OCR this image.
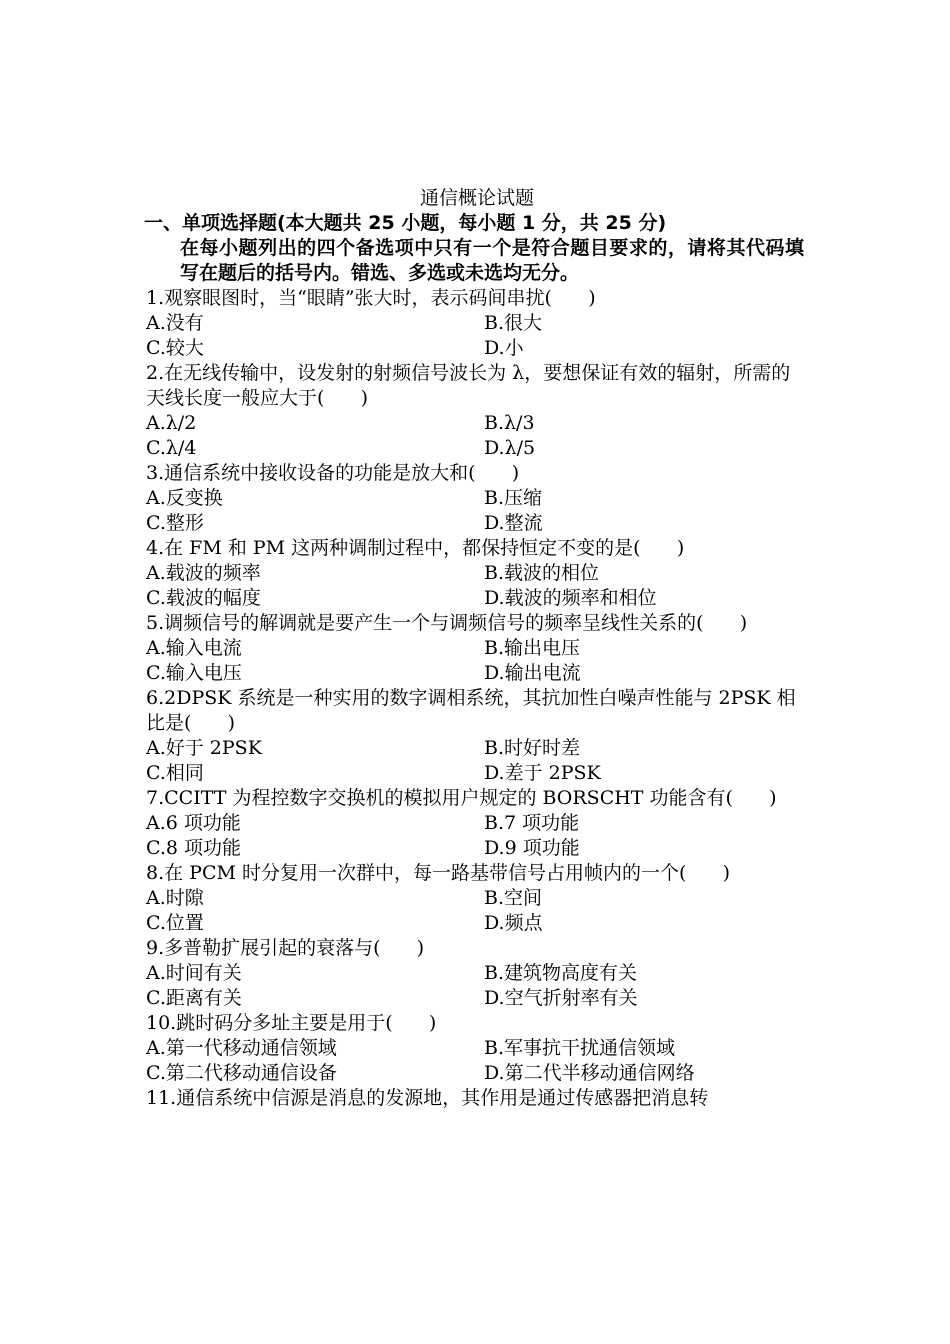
通信概论试题
一、单项选择题(本大题共 25 小题，每小题 1 分，共 25 分)
在每小题列出的四个备选项中只有一个是符合题目要求的，请将其代码填写在题后的括号内。错选、多选或未选均无分。
1.观察眼图时，当“眼睛”张大时，表示码间串扰(      )
A.没有	B.很大
C.较大	D.小
2.在无线传输中，设发射的射频信号波长为 λ，要想保证有效的辐射，所需的天线长度一般应大于(      )
A.λ/2	B.λ/3
C.λ/4	D.λ/5
3.通信系统中接收设备的功能是放大和(      )
A.反变换	B.压缩
C.整形	D.整流
4.在 FM 和 PM 这两种调制过程中，都保持恒定不变的是(      )
A.载波的频率	B.载波的相位
C.载波的幅度	D.载波的频率和相位
5.调频信号的解调就是要产生一个与调频信号的频率呈线性关系的(      )
A.输入电流	B.输出电压
C.输入电压	D.输出电流
6.2DPSK 系统是一种实用的数字调相系统，其抗加性白噪声性能与 2PSK 相比是(      )
A.好于 2PSK	B.时好时差
C.相同	D.差于 2PSK
7.CCITT 为程控数字交换机的模拟用户规定的 BORSCHT 功能含有(      )
A.6 项功能	B.7 项功能
C.8 项功能	D.9 项功能
8.在 PCM 时分复用一次群中，每一路基带信号占用帧内的一个(      )
A.时隙	B.空间
C.位置	D.频点
9.多普勒扩展引起的衰落与(      )
A.时间有关	B.建筑物高度有关
C.距离有关	D.空气折射率有关
10.跳时码分多址主要是用于(      )
A.第一代移动通信领域	B.军事抗干扰通信领域
C.第二代移动通信设备	D.第二代半移动通信网络
11.通信系统中信源是消息的发源地，其作用是通过传感器把消息转
